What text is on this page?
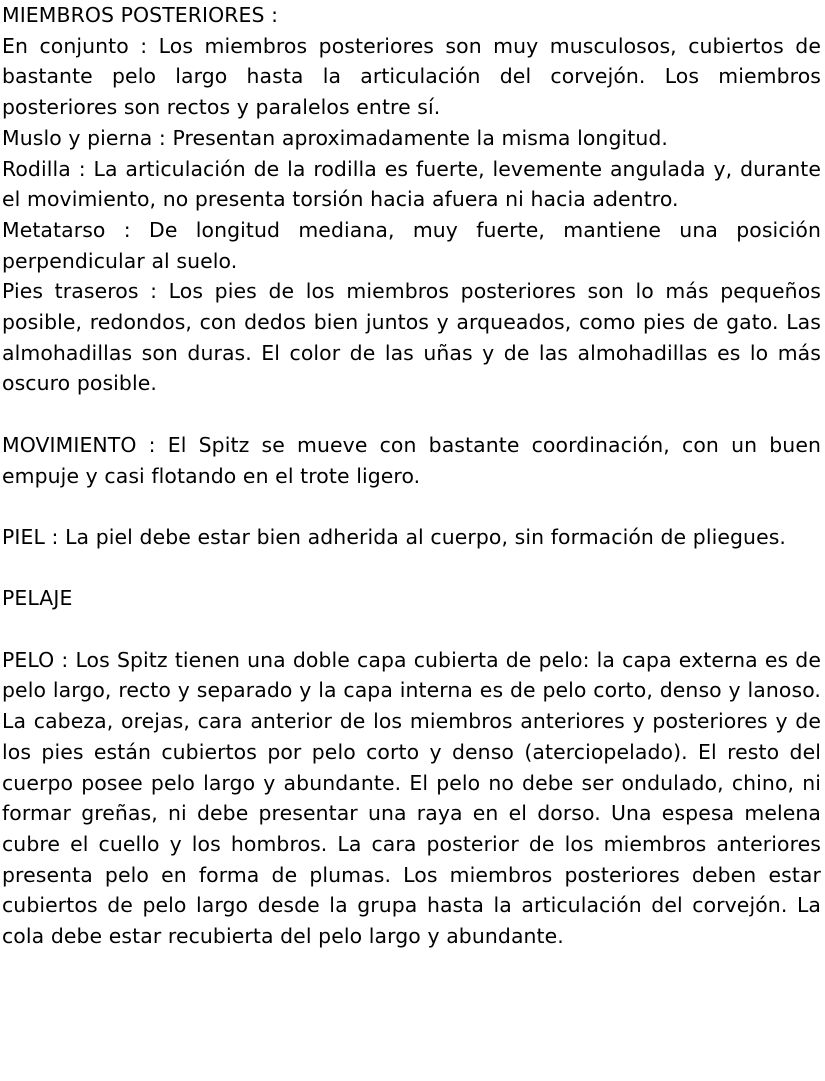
MIEMBROS POSTERIORES :

En conjunto : Los miembros posteriores son muy musculosos, cubiertos de bastante pelo largo hasta la articulación del corvejón. Los miembros posteriores son rectos y paralelos entre sí.

Muslo y pierna : Presentan aproximadamente la misma longitud.

Rodilla : La articulación de la rodilla es fuerte, levemente angulada y, durante el movimiento, no presenta torsión hacia afuera ni hacia adentro.

Metatarso : De longitud mediana, muy fuerte, mantiene una posición perpendicular al suelo.

Pies traseros : Los pies de los miembros posteriores son lo más pequeños posible, redondos, con dedos bien juntos y arqueados, como pies de gato. Las almohadillas son duras. El color de las uñas y de las almohadillas es lo más oscuro posible.

MOVIMIENTO : El Spitz se mueve con bastante coordinación, con un buen empuje y casi flotando en el trote ligero.

PIEL : La piel debe estar bien adherida al cuerpo, sin formación de pliegues.

PELAJE

PELO : Los Spitz tienen una doble capa cubierta de pelo: la capa externa es de pelo largo, recto y separado y la capa interna es de pelo corto, denso y lanoso. La cabeza, orejas, cara anterior de los miembros anteriores y posteriores y de los pies están cubiertos por pelo corto y denso (aterciopelado). El resto del cuerpo posee pelo largo y abundante. El pelo no debe ser ondulado, chino, ni formar greñas, ni debe presentar una raya en el dorso. Una espesa melena cubre el cuello y los hombros. La cara posterior de los miembros anteriores presenta pelo en forma de plumas. Los miembros posteriores deben estar cubiertos de pelo largo desde la grupa hasta la articulación del corvejón. La cola debe estar recubierta del pelo largo y abundante.
